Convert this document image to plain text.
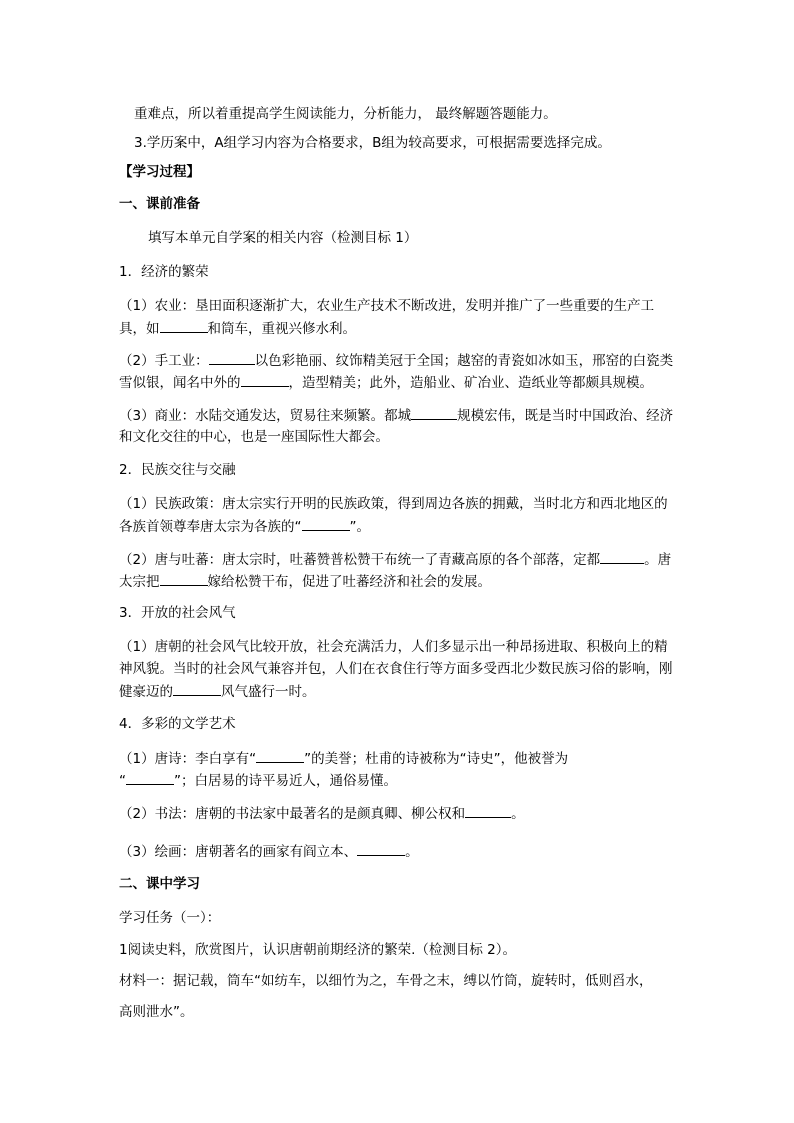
重难点，所以着重提高学生阅读能力，分析能力， 最终解题答题能力。
3.学历案中，A组学习内容为合格要求，B组为较高要求，可根据需要选择完成。
【学习过程】
一、课前准备
填写本单元自学案的相关内容（检测目标 1）
1．经济的繁荣
（1）农业：垦田面积逐渐扩大，农业生产技术不断改进，发明并推广了一些重要的生产工
具，如	和筒车，重视兴修水利。
（2）手工业：	以色彩艳丽、纹饰精美冠于全国；越窑的青瓷如冰如玉，邢窑的白瓷类
雪似银，闻名中外的	，造型精美；此外，造船业、矿冶业、造纸业等都颇具规模。
（3）商业：水陆交通发达，贸易往来频繁。都城	规模宏伟，既是当时中国政治、经济
和文化交往的中心，也是一座国际性大都会。
2．民族交往与交融
（1）民族政策：唐太宗实行开明的民族政策，得到周边各族的拥戴，当时北方和西北地区的
各族首领尊奉唐太宗为各族的“	”。
（2）唐与吐蕃：唐太宗时，吐蕃赞普松赞干布统一了青藏高原的各个部落，定都	。唐
太宗把	嫁给松赞干布，促进了吐蕃经济和社会的发展。
3．开放的社会风气
（1）唐朝的社会风气比较开放，社会充满活力，人们多显示出一种昂扬进取、积极向上的精
神风貌。当时的社会风气兼容并包，人们在衣食住行等方面多受西北少数民族习俗的影响，刚
健豪迈的	风气盛行一时。
4．多彩的文学艺术
（1）唐诗：李白享有“	”的美誉；杜甫的诗被称为“诗史”，他被誉为
“	”；白居易的诗平易近人，通俗易懂。
（2）书法：唐朝的书法家中最著名的是颜真卿、柳公权和	。
（3）绘画：唐朝著名的画家有阎立本、	。
二、课中学习
学习任务（一）：
1阅读史料，欣赏图片，认识唐朝前期经济的繁荣.（检测目标 2）。
材料一：据记载，筒车“如纺车，以细竹为之，车骨之末，缚以竹筒，旋转时，低则舀水，
高则泄水”。
